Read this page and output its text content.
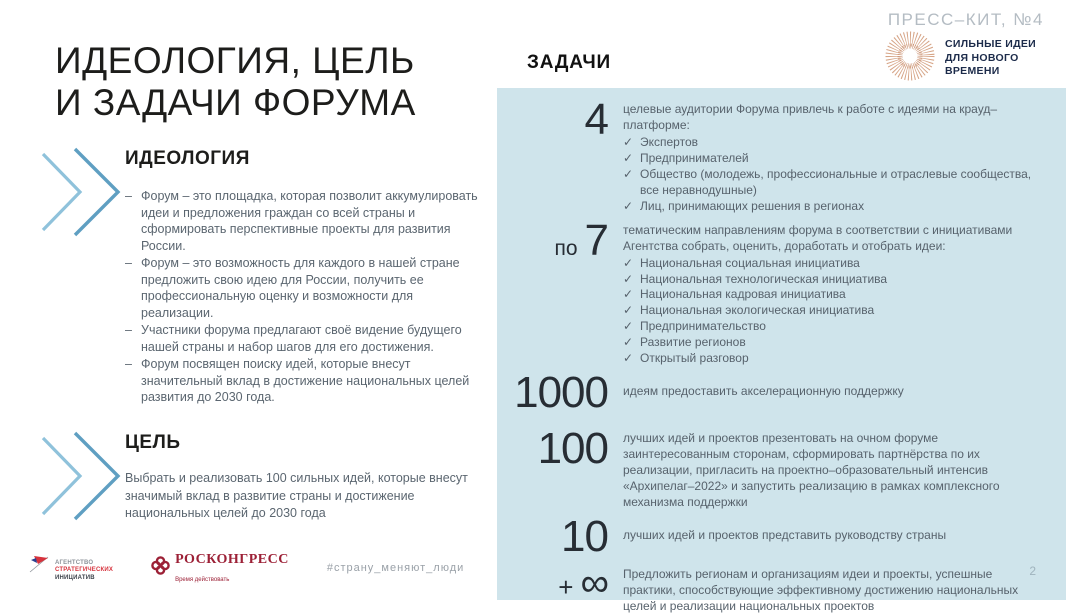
ПРЕСС–КИТ, №4
СИЛЬНЫЕ ИДЕИ
ДЛЯ НОВОГО
ВРЕМЕНИ
ИДЕОЛОГИЯ, ЦЕЛЬ
И ЗАДАЧИ ФОРУМА
ИДЕОЛОГИЯ
– Форум – это площадка, которая позволит аккумулировать идеи и предложения граждан со всей страны и сформировать перспективные проекты для развития России.
– Форум – это возможность для каждого в нашей стране предложить свою идею для России, получить ее профессиональную оценку и возможности для реализации.
– Участники форума предлагают своё видение будущего нашей страны и набор шагов для его достижения.
– Форум посвящен поиску идей, которые внесут значительный вклад в достижение национальных целей развития до 2030 года.
ЦЕЛЬ

Выбрать и реализовать 100 сильных идей, которые внесут значимый вклад в развитие страны и достижение национальных целей до 2030 года

АГЕНТСТВО
СТРАТЕГИЧЕСКИХ
ИНИЦИАТИВ
РОСКОНГРЕСС
Время действовать
#страну_меняют_люди
ЗАДАЧИ
4 целевые аудитории Форума привлечь к работе с идеями на крауд–платформе:
✓ Экспертов
✓ Предпринимателей
✓ Общество (молодежь, профессиональные и отраслевые сообщества, все неравнодушные)
✓ Лиц, принимающих решения в регионах
по 7 тематическим направлениям форума в соответствии с инициативами Агентства собрать, оценить, доработать и отобрать идеи:
✓ Национальная социальная инициатива
✓ Национальная технологическая инициатива
✓ Национальная кадровая инициатива
✓ Национальная экологическая инициатива
✓ Предпринимательство
✓ Развитие регионов
✓ Открытый разговор
1000 идеям предоставить акселерационную поддержку
100 лучших идей и проектов презентовать на очном форуме заинтересованным сторонам, сформировать партнёрства по их реализации, пригласить на проектно–образовательный интенсив «Архипелаг–2022» и запустить реализацию в рамках комплексного механизма поддержки
10 лучших идей и проектов представить руководству страны
+ ∞ Предложить регионам и организациям идеи и проекты, успешные практики, способствующие эффективному достижению национальных целей и реализации национальных проектов
2
